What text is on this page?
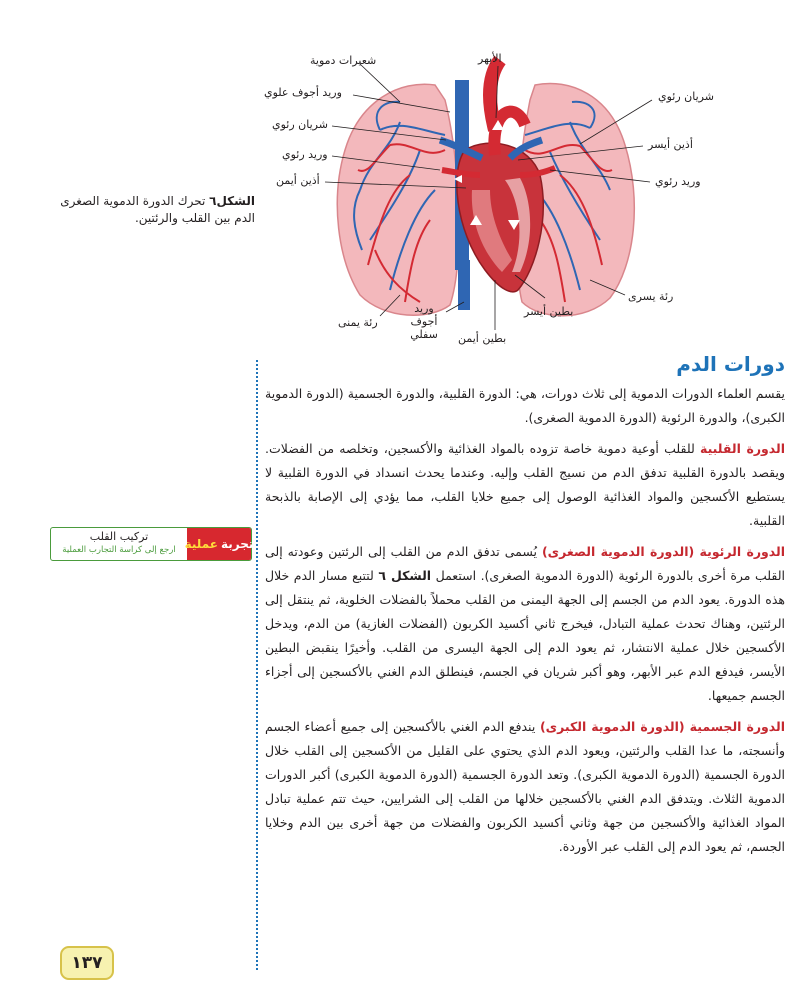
شعيرات دموية	الأبهر
وريد أجوف علوي	شريان رئوي
شريان رئوي
أذين أيسر
وريد رئوي
وريد رئوي
أذين أيمن
رئة يسرى
بطين أيسر
وريد أجوف سفلي	بطين أيمن
رئة يمنى
الشكل٦ تحرك الدورة الدموية الصغرى الدم بين القلب والرئتين.
دورات الدم

يقسم العلماء الدورات الدموية إلى ثلاث دورات، هي: الدورة القلبية، والدورة الجسمية (الدورة الدموية الكبرى)، والدورة الرئوية (الدورة الدموية الصغرى).

الدورة القلبية للقلب أوعية دموية خاصة تزوده بالمواد الغذائية والأكسجين، وتخلصه من الفضلات. ويقصد بالدورة القلبية تدفق الدم من نسيج القلب وإليه. وعندما يحدث انسداد في الدورة القلبية لا يستطيع الأكسجين والمواد الغذائية الوصول إلى جميع خلايا القلب، مما يؤدي إلى الإصابة بالذبحة القلبية.

الدورة الرئوية (الدورة الدموية الصغرى) يُسمى تدفق الدم من القلب إلى الرئتين وعودته إلى القلب مرة أخرى بالدورة الرئوية (الدورة الدموية الصغرى). استعمل الشكل ٦ لتتبع مسار الدم خلال هذه الدورة. يعود الدم من الجسم إلى الجهة اليمنى من القلب محملاً بالفضلات الخلوية، ثم ينتقل إلى الرئتين، وهناك تحدث عملية التبادل، فيخرج ثاني أكسيد الكربون (الفضلات الغازية) من الدم، ويدخل الأكسجين خلال عملية الانتشار، ثم يعود الدم إلى الجهة اليسرى من القلب. وأخيرًا ينقبض البطين الأيسر، فيدفع الدم عبر الأبهر، وهو أكبر شريان في الجسم، فينطلق الدم الغني بالأكسجين إلى أجزاء الجسم جميعها.

الدورة الجسمية (الدورة الدموية الكبرى) يندفع الدم الغني بالأكسجين إلى جميع أعضاء الجسم وأنسجته، ما عدا القلب والرئتين، ويعود الدم الذي يحتوي على القليل من الأكسجين إلى القلب خلال الدورة الجسمية (الدورة الدموية الكبرى). وتعد الدورة الجسمية (الدورة الدموية الكبرى) أكبر الدورات الدموية الثلاث. ويتدفق الدم الغني بالأكسجين خلالها من القلب إلى الشرايين، حيث تتم عملية تبادل المواد الغذائية والأكسجين من جهة وثاني أكسيد الكربون والفضلات من جهة أخرى بين الدم وخلايا الجسم، ثم يعود الدم إلى القلب عبر الأوردة.

تجربة
عملية
تركيب القلب
ارجع إلى كراسة التجارب العملية
١٣٧
